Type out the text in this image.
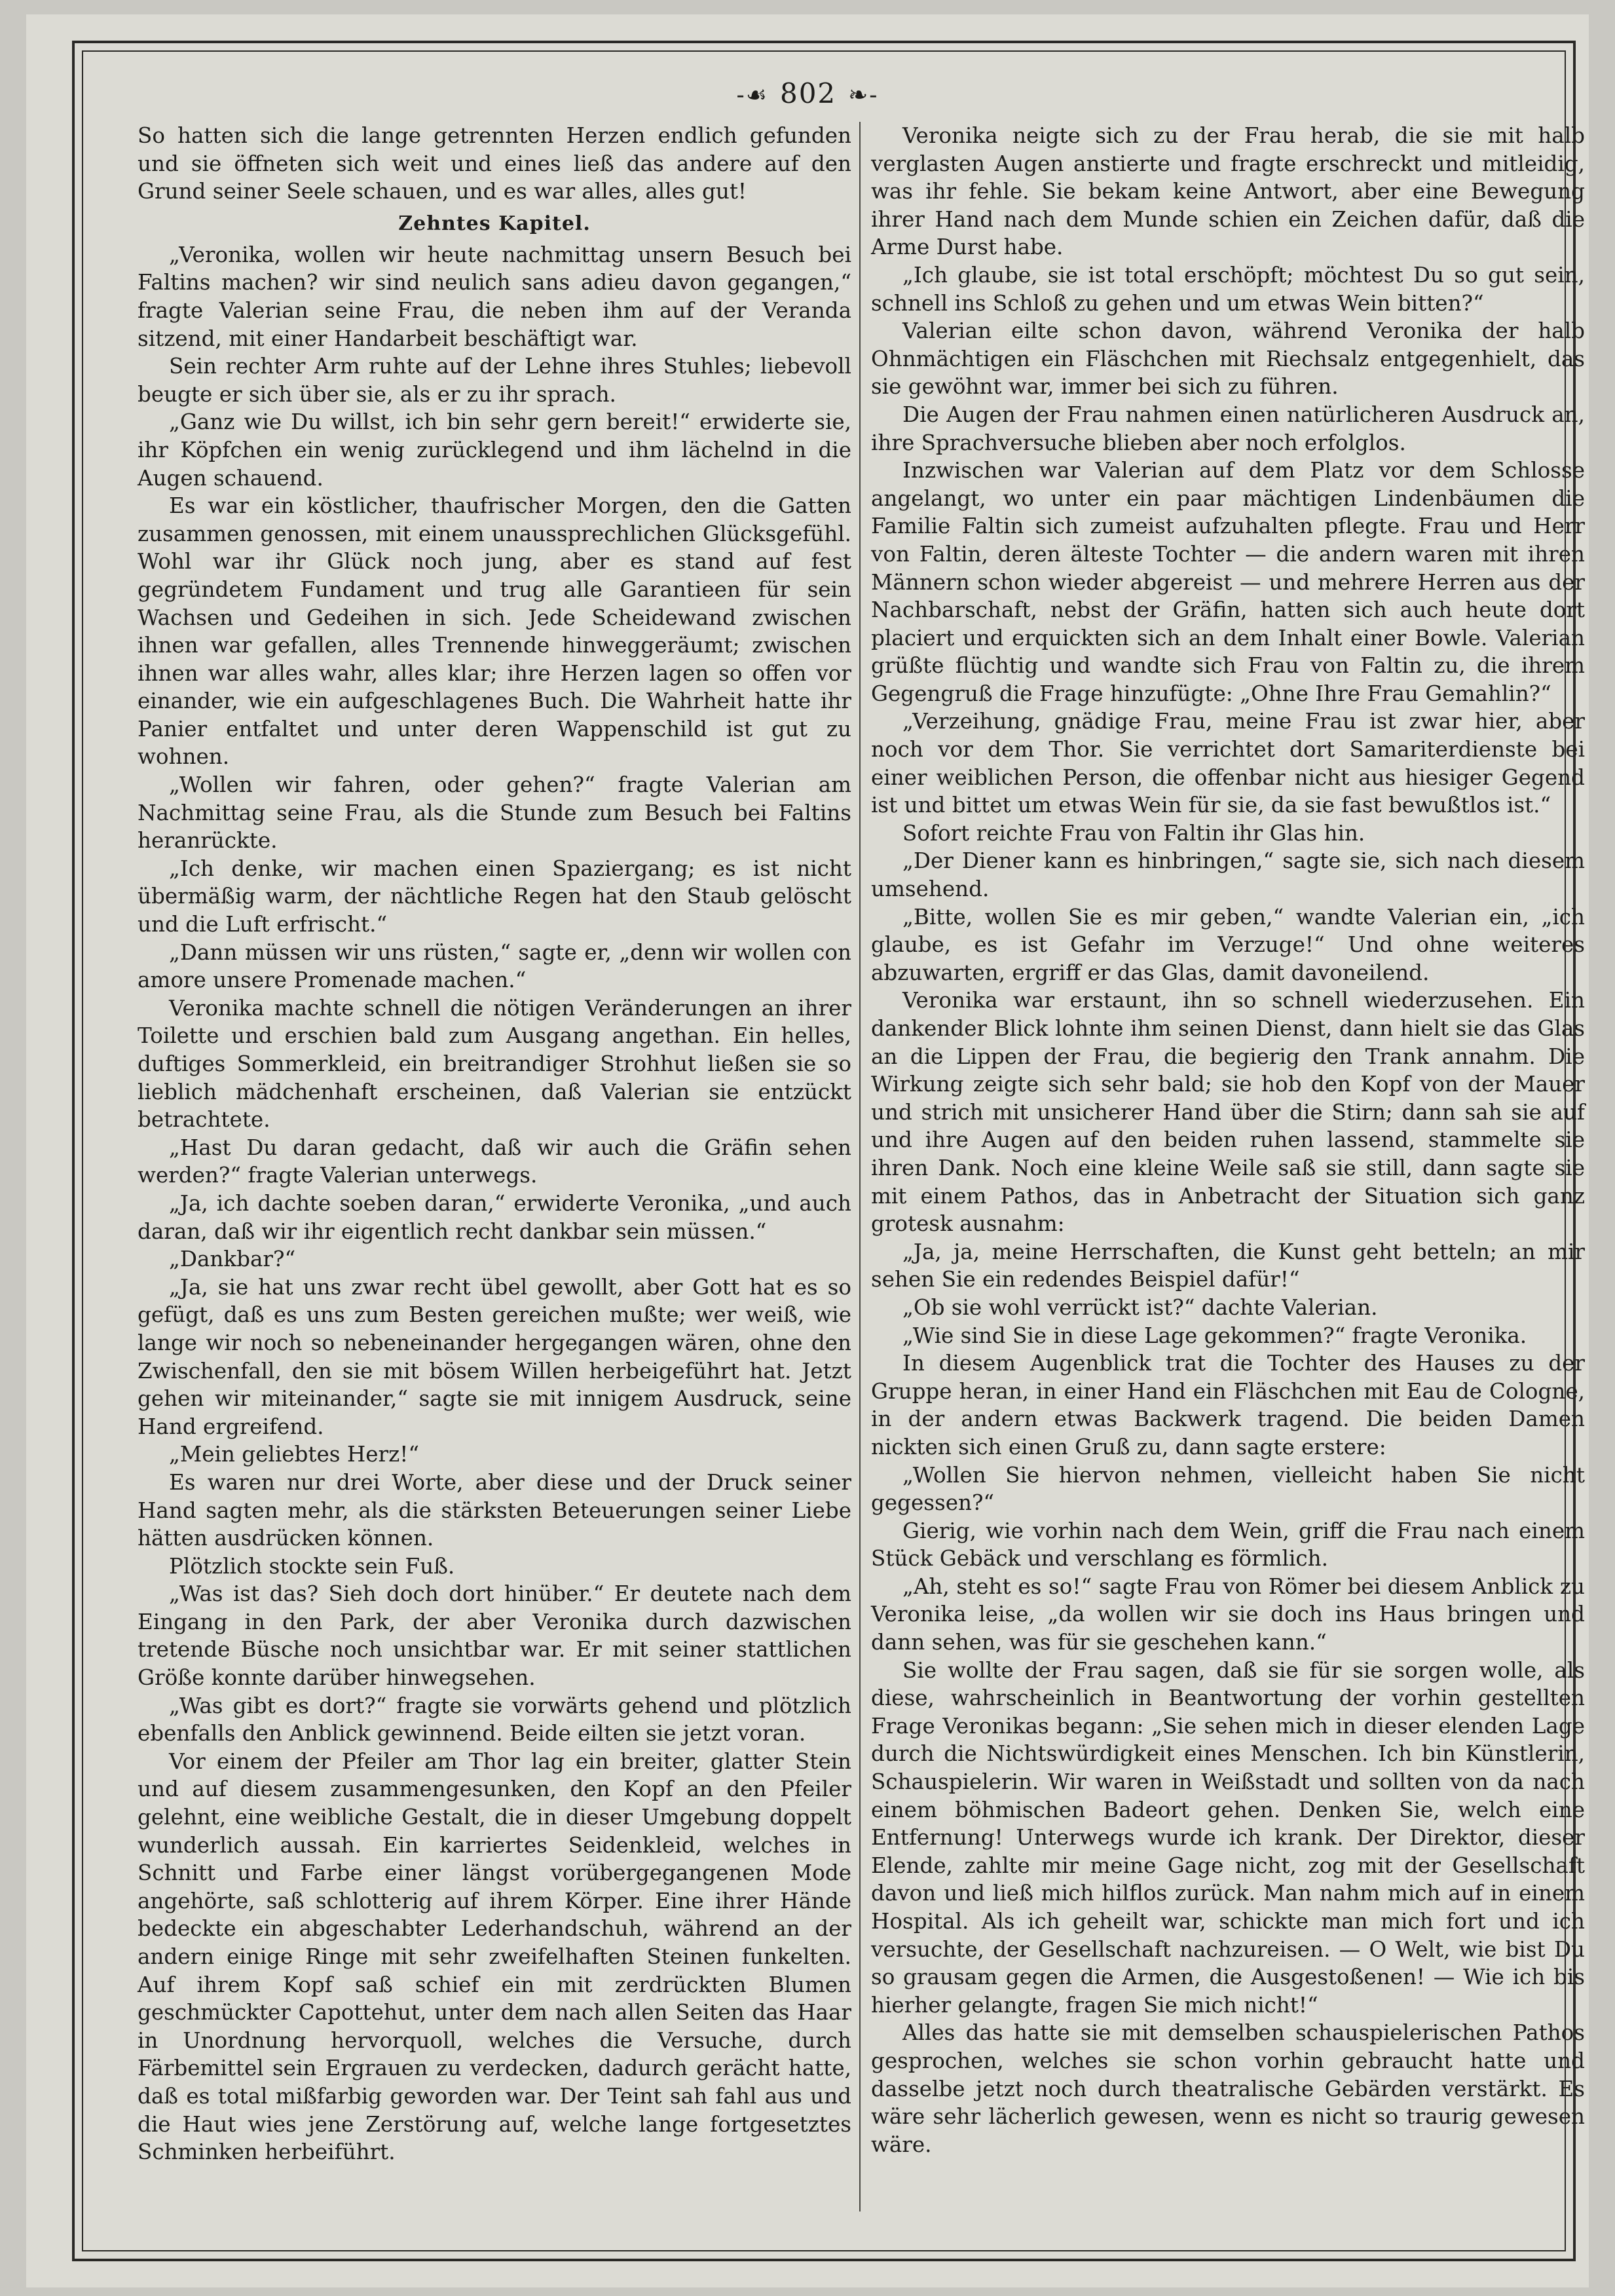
-☙ 802 ❧-

So hatten sich die lange getrennten Herzen endlich gefunden und sie öffneten sich weit und eines ließ das andere auf den Grund seiner Seele schauen, und es war alles, alles gut!

Zehntes Kapitel.

„Veronika, wollen wir heute nachmittag unsern Besuch bei Faltins machen? wir sind neulich sans adieu davon gegangen,“ fragte Valerian seine Frau, die neben ihm auf der Veranda sitzend, mit einer Handarbeit beschäftigt war.

Sein rechter Arm ruhte auf der Lehne ihres Stuhles; liebevoll beugte er sich über sie, als er zu ihr sprach.

„Ganz wie Du willst, ich bin sehr gern bereit!“ erwiderte sie, ihr Köpfchen ein wenig zurücklegend und ihm lächelnd in die Augen schauend.

Es war ein köstlicher, thaufrischer Morgen, den die Gatten zusammen genossen, mit einem unaussprechlichen Glücksgefühl. Wohl war ihr Glück noch jung, aber es stand auf fest gegründetem Fundament und trug alle Garantieen für sein Wachsen und Gedeihen in sich. Jede Scheidewand zwischen ihnen war gefallen, alles Trennende hinweggeräumt; zwischen ihnen war alles wahr, alles klar; ihre Herzen lagen so offen vor einander, wie ein aufgeschlagenes Buch. Die Wahrheit hatte ihr Panier entfaltet und unter deren Wappenschild ist gut zu wohnen.

„Wollen wir fahren, oder gehen?“ fragte Valerian am Nachmittag seine Frau, als die Stunde zum Besuch bei Faltins heranrückte.

„Ich denke, wir machen einen Spaziergang; es ist nicht übermäßig warm, der nächtliche Regen hat den Staub gelöscht und die Luft erfrischt.“

„Dann müssen wir uns rüsten,“ sagte er, „denn wir wollen con amore unsere Promenade machen.“

Veronika machte schnell die nötigen Veränderungen an ihrer Toilette und erschien bald zum Ausgang angethan. Ein helles, duftiges Sommerkleid, ein breitrandiger Strohhut ließen sie so lieblich mädchenhaft erscheinen, daß Valerian sie entzückt betrachtete.

„Hast Du daran gedacht, daß wir auch die Gräfin sehen werden?“ fragte Valerian unterwegs.

„Ja, ich dachte soeben daran,“ erwiderte Veronika, „und auch daran, daß wir ihr eigentlich recht dankbar sein müssen.“

„Dankbar?“

„Ja, sie hat uns zwar recht übel gewollt, aber Gott hat es so gefügt, daß es uns zum Besten gereichen mußte; wer weiß, wie lange wir noch so nebeneinander hergegangen wären, ohne den Zwischenfall, den sie mit bösem Willen herbeigeführt hat. Jetzt gehen wir miteinander,“ sagte sie mit innigem Ausdruck, seine Hand ergreifend.

„Mein geliebtes Herz!“

Es waren nur drei Worte, aber diese und der Druck seiner Hand sagten mehr, als die stärksten Beteuerungen seiner Liebe hätten ausdrücken können.

Plötzlich stockte sein Fuß.

„Was ist das? Sieh doch dort hinüber.“ Er deutete nach dem Eingang in den Park, der aber Veronika durch dazwischen tretende Büsche noch unsichtbar war. Er mit seiner stattlichen Größe konnte darüber hinwegsehen.

„Was gibt es dort?“ fragte sie vorwärts gehend und plötzlich ebenfalls den Anblick gewinnend. Beide eilten sie jetzt voran.

Vor einem der Pfeiler am Thor lag ein breiter, glatter Stein und auf diesem zusammengesunken, den Kopf an den Pfeiler gelehnt, eine weibliche Gestalt, die in dieser Umgebung doppelt wunderlich aussah. Ein karriertes Seidenkleid, welches in Schnitt und Farbe einer längst vorübergegangenen Mode angehörte, saß schlotterig auf ihrem Körper. Eine ihrer Hände bedeckte ein abgeschabter Lederhandschuh, während an der andern einige Ringe mit sehr zweifelhaften Steinen funkelten. Auf ihrem Kopf saß schief ein mit zerdrückten Blumen geschmückter Capottehut, unter dem nach allen Seiten das Haar in Unordnung hervorquoll, welches die Versuche, durch Färbemittel sein Ergrauen zu verdecken, dadurch gerächt hatte, daß es total mißfarbig geworden war. Der Teint sah fahl aus und die Haut wies jene Zerstörung auf, welche lange fortgesetztes Schminken herbeiführt.

Veronika neigte sich zu der Frau herab, die sie mit halb verglasten Augen anstierte und fragte erschreckt und mitleidig, was ihr fehle. Sie bekam keine Antwort, aber eine Bewegung ihrer Hand nach dem Munde schien ein Zeichen dafür, daß die Arme Durst habe.

„Ich glaube, sie ist total erschöpft; möchtest Du so gut sein, schnell ins Schloß zu gehen und um etwas Wein bitten?“

Valerian eilte schon davon, während Veronika der halb Ohnmächtigen ein Fläschchen mit Riechsalz entgegenhielt, das sie gewöhnt war, immer bei sich zu führen.

Die Augen der Frau nahmen einen natürlicheren Ausdruck an, ihre Sprachversuche blieben aber noch erfolglos.

Inzwischen war Valerian auf dem Platz vor dem Schlosse angelangt, wo unter ein paar mächtigen Lindenbäumen die Familie Faltin sich zumeist aufzuhalten pflegte. Frau und Herr von Faltin, deren älteste Tochter — die andern waren mit ihren Männern schon wieder abgereist — und mehrere Herren aus der Nachbarschaft, nebst der Gräfin, hatten sich auch heute dort placiert und erquickten sich an dem Inhalt einer Bowle. Valerian grüßte flüchtig und wandte sich Frau von Faltin zu, die ihrem Gegengruß die Frage hinzufügte: „Ohne Ihre Frau Gemahlin?“

„Verzeihung, gnädige Frau, meine Frau ist zwar hier, aber noch vor dem Thor. Sie verrichtet dort Samariterdienste bei einer weiblichen Person, die offenbar nicht aus hiesiger Gegend ist und bittet um etwas Wein für sie, da sie fast bewußtlos ist.“

Sofort reichte Frau von Faltin ihr Glas hin.

„Der Diener kann es hinbringen,“ sagte sie, sich nach diesem umsehend.

„Bitte, wollen Sie es mir geben,“ wandte Valerian ein, „ich glaube, es ist Gefahr im Verzuge!“ Und ohne weiteres abzuwarten, ergriff er das Glas, damit davoneilend.

Veronika war erstaunt, ihn so schnell wiederzusehen. Ein dankender Blick lohnte ihm seinen Dienst, dann hielt sie das Glas an die Lippen der Frau, die begierig den Trank annahm. Die Wirkung zeigte sich sehr bald; sie hob den Kopf von der Mauer und strich mit unsicherer Hand über die Stirn; dann sah sie auf und ihre Augen auf den beiden ruhen lassend, stammelte sie ihren Dank. Noch eine kleine Weile saß sie still, dann sagte sie mit einem Pathos, das in Anbetracht der Situation sich ganz grotesk ausnahm:

„Ja, ja, meine Herrschaften, die Kunst geht betteln; an mir sehen Sie ein redendes Beispiel dafür!“

„Ob sie wohl verrückt ist?“ dachte Valerian.

„Wie sind Sie in diese Lage gekommen?“ fragte Veronika.

In diesem Augenblick trat die Tochter des Hauses zu der Gruppe heran, in einer Hand ein Fläschchen mit Eau de Cologne, in der andern etwas Backwerk tragend. Die beiden Damen nickten sich einen Gruß zu, dann sagte erstere:

„Wollen Sie hiervon nehmen, vielleicht haben Sie nicht gegessen?“

Gierig, wie vorhin nach dem Wein, griff die Frau nach einem Stück Gebäck und verschlang es förmlich.

„Ah, steht es so!“ sagte Frau von Römer bei diesem Anblick zu Veronika leise, „da wollen wir sie doch ins Haus bringen und dann sehen, was für sie geschehen kann.“

Sie wollte der Frau sagen, daß sie für sie sorgen wolle, als diese, wahrscheinlich in Beantwortung der vorhin gestellten Frage Veronikas begann: „Sie sehen mich in dieser elenden Lage durch die Nichtswürdigkeit eines Menschen. Ich bin Künstlerin, Schauspielerin. Wir waren in Weißstadt und sollten von da nach einem böhmischen Badeort gehen. Denken Sie, welch eine Entfernung! Unterwegs wurde ich krank. Der Direktor, dieser Elende, zahlte mir meine Gage nicht, zog mit der Gesellschaft davon und ließ mich hilflos zurück. Man nahm mich auf in einem Hospital. Als ich geheilt war, schickte man mich fort und ich versuchte, der Gesellschaft nachzureisen. — O Welt, wie bist Du so grausam gegen die Armen, die Ausgestoßenen! — Wie ich bis hierher gelangte, fragen Sie mich nicht!“

Alles das hatte sie mit demselben schauspielerischen Pathos gesprochen, welches sie schon vorhin gebraucht hatte und dasselbe jetzt noch durch theatralische Gebärden verstärkt. Es wäre sehr lächerlich gewesen, wenn es nicht so traurig gewesen wäre.
